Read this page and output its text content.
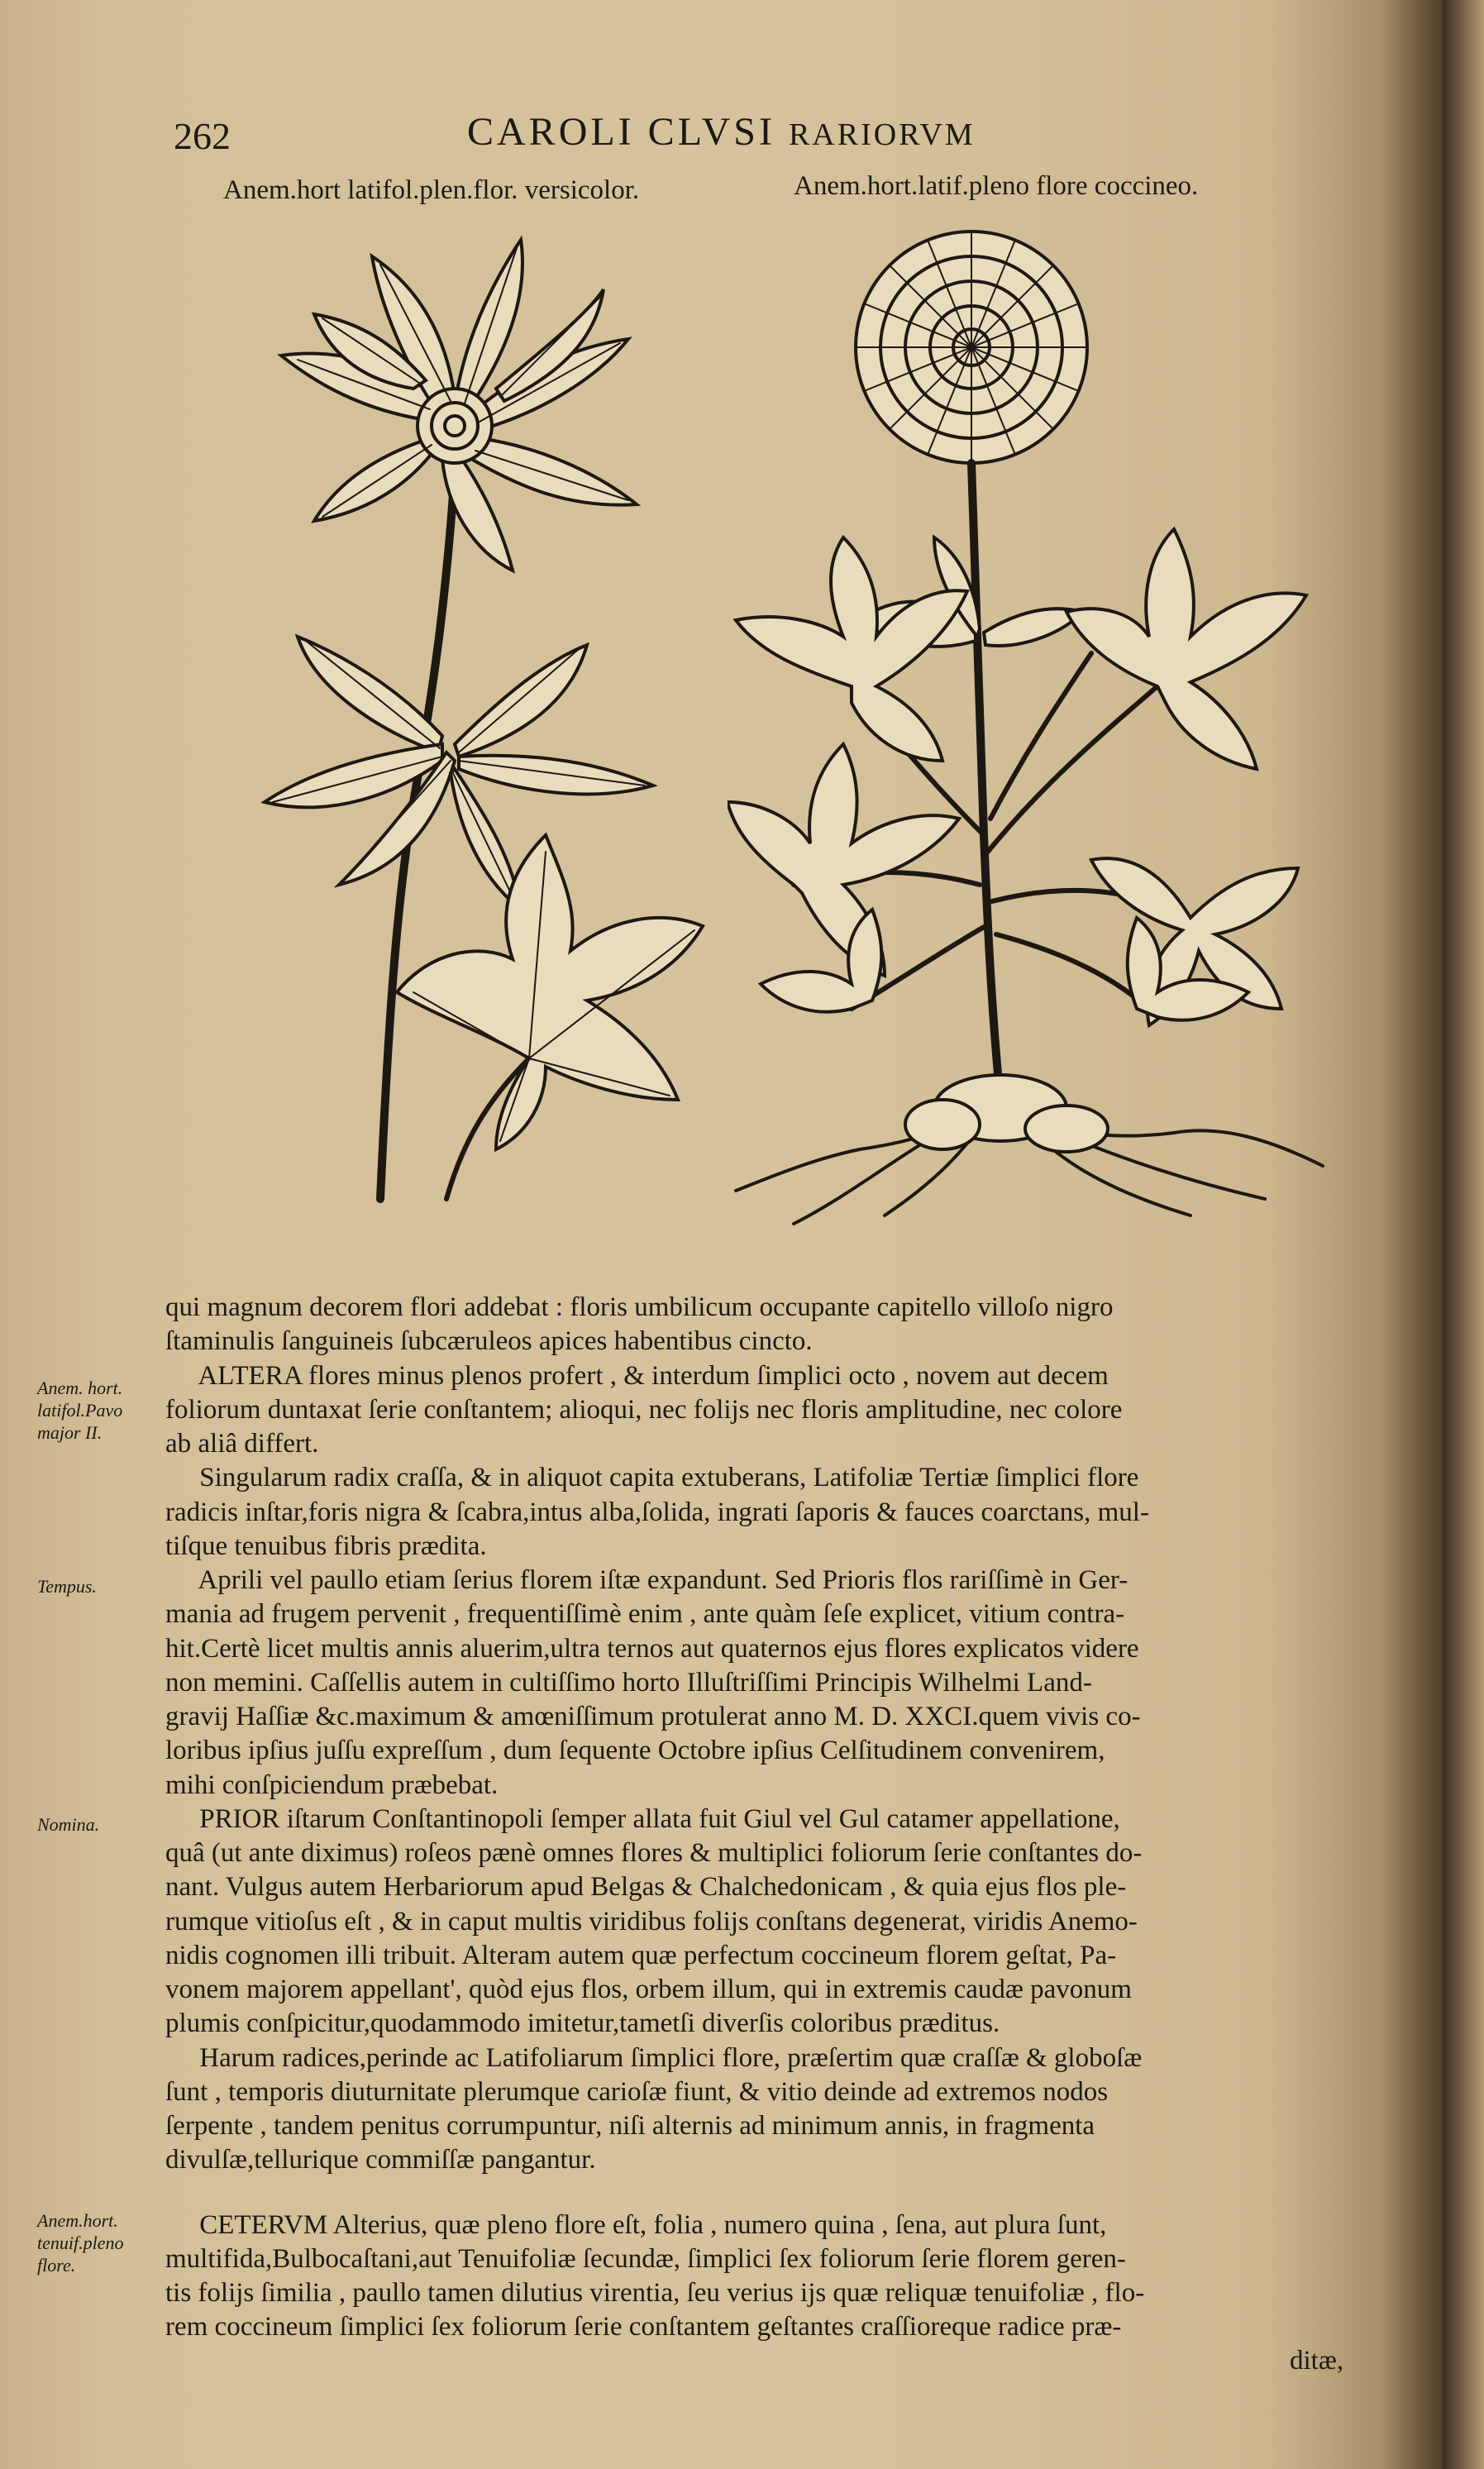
262	CAROLI CLVSI RARIORVM
Anem.hort latifol.plen.flor. versicolor.	Anem.hort.latif.pleno flore coccineo.
Anem. hort.
latifol.Pavo
major II.
Tempus.
Nomina.
Anem.hort.
tenuif.pleno
flore.
qui magnum decorem flori addebat : floris umbilicum occupante capitello villoſo nigro
ſtaminulis ſanguineis ſubcæruleos apices habentibus cincto.
ALTERA flores minus plenos profert , & interdum ſimplici octo , novem aut decem
foliorum duntaxat ſerie conſtantem; alioqui, nec folijs nec floris amplitudine, nec colore
ab aliâ differt.
Singularum radix craſſa, & in aliquot capita extuberans, Latifoliæ Tertiæ ſimplici flore
radicis inſtar,foris nigra & ſcabra,intus alba,ſolida, ingrati ſaporis & fauces coarctans, mul-
tiſque tenuibus fibris prædita.
Aprili vel paullo etiam ſerius florem iſtæ expandunt. Sed Prioris flos rariſſimè in Ger-
mania ad frugem pervenit , frequentiſſimè enim , ante quàm ſeſe explicet, vitium contra-
hit.Certè licet multis annis aluerim,ultra ternos aut quaternos ejus flores explicatos videre
non memini. Caſſellis autem in cultiſſimo horto Illuſtriſſimi Principis Wilhelmi Land-
gravij Haſſiæ &c.maximum & amœniſſimum protulerat anno M. D. XXCI.quem vivis co-
loribus ipſius juſſu expreſſum , dum ſequente Octobre ipſius Celſitudinem convenirem,
mihi conſpiciendum præbebat.
PRIOR iſtarum Conſtantinopoli ſemper allata fuit Giul vel Gul catamer appellatione,
quâ (ut ante diximus) roſeos pænè omnes flores & multiplici foliorum ſerie conſtantes do-
nant. Vulgus autem Herbariorum apud Belgas & Chalchedonicam , & quia ejus flos ple-
rumque vitioſus eſt , & in caput multis viridibus folijs conſtans degenerat, viridis Anemo-
nidis cognomen illi tribuit. Alteram autem quæ perfectum coccineum florem geſtat, Pa-
vonem majorem appellant', quòd ejus flos, orbem illum, qui in extremis caudæ pavonum
plumis conſpicitur,quodammodo imitetur,tametſi diverſis coloribus præditus.
Harum radices,perinde ac Latifoliarum ſimplici flore, præſertim quæ craſſæ & globoſæ
ſunt , temporis diuturnitate plerumque carioſæ fiunt, & vitio deinde ad extremos nodos
ſerpente , tandem penitus corrumpuntur, niſi alternis ad minimum annis, in fragmenta
divulſæ,tellurique commiſſæ pangantur.
CETERVM Alterius, quæ pleno flore eſt, folia , numero quina , ſena, aut plura ſunt,
multifida,Bulbocaſtani,aut Tenuifoliæ ſecundæ, ſimplici ſex foliorum ſerie florem geren-
tis folijs ſimilia , paullo tamen dilutius virentia, ſeu verius ijs quæ reliquæ tenuifoliæ , flo-
rem coccineum ſimplici ſex foliorum ſerie conſtantem geſtantes craſſioreque radice præ-
ditæ,
